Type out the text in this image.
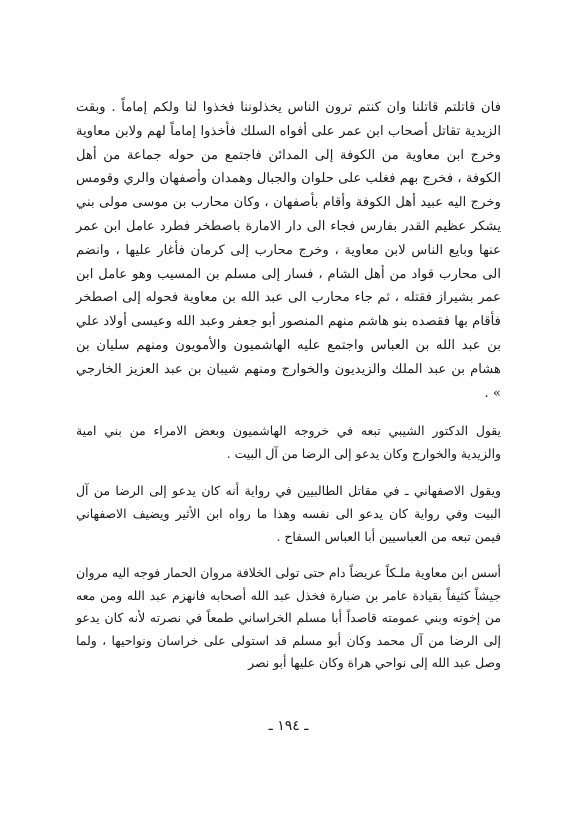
فان قاتلتم قاتلنا وان كنتم ترون الناس يخذلوننا فخذوا لنا ولكم إماماً . وبقت الزيدية تقاتل أصحاب ابن عمر على أفواه السلك فأخذوا إماماً لهم ولابن معاوية وخرج ابن معاوية من الكوفة إلى المدائن فاجتمع من حوله جماعة من أهل الكوفة ، فخرج بهم فغلب على حلوان والجبال وهمدان وأصفهان والري وقومس وخرج اليه عبيد أهل الكوفة وأقام بأصفهان ، وكان محارب بن موسى مولى بني يشكر عظيم القدر بفارس فجاء الى دار الامارة باصطخر فطرد عامل ابن عمر عنها وبايع الناس لابن معاوية ، وخرج محارب إلى كرمان فأغار عليها ، وانضم الى محارب قواد من أهل الشام ، فسار إلى مسلم بن المسيب وهو عامل ابن عمر بشيراز فقتله ، ثم جاء محارب الى عبد الله بن معاوية فحوله إلى اصطخر فأقام بها فقصده بنو هاشم منهم المنصور أبو جعفر وعبد الله وعيسى أولاد علي بن عبد الله بن العباس واجتمع عليه الهاشميون والأمويون ومنهم سليان بن هشام بن عبد الملك والزيديون والخوارج ومنهم شيبان بن عبد العزيز الخارجي » .

يقول الدكتور الشيبي تبعه في خروجه الهاشميون وبعض الامراء من بني امية والزيدية والخوارج وكان يدعو إلى الرضا من آل البيت .

ويقول الاصفهاني ـ في مقاتل الطالبيين في رواية أنه كان يدعو إلى الرضا من آل البيت وفي رواية كان يدعو الى نفسه وهذا ما رواه ابن الأثير ويضيف الاصفهاني فيمن تبعه من العباسيين أبا العباس السفاح .

أسس ابن معاوية ملـكاً عريضاً دام حتى تولى الخلافة مروان الحمار فوجه اليه مروان جيشاً كثيفاً بقيادة عامر بن ضبارة فخذل عبد الله أصحابه فانهزم عبد الله ومن معه من إخوته وبني عمومته قاصداً أبا مسلم الخراساني طمعاً في نصرته لأنه كان يدعو إلى الرضا من آل محمد وكان أبو مسلم قد استولى على خراسان ونواحيها ، ولما وصل عبد الله إلى نواحي هراة وكان عليها أبو نصر

ـ ١٩٤ ـ
